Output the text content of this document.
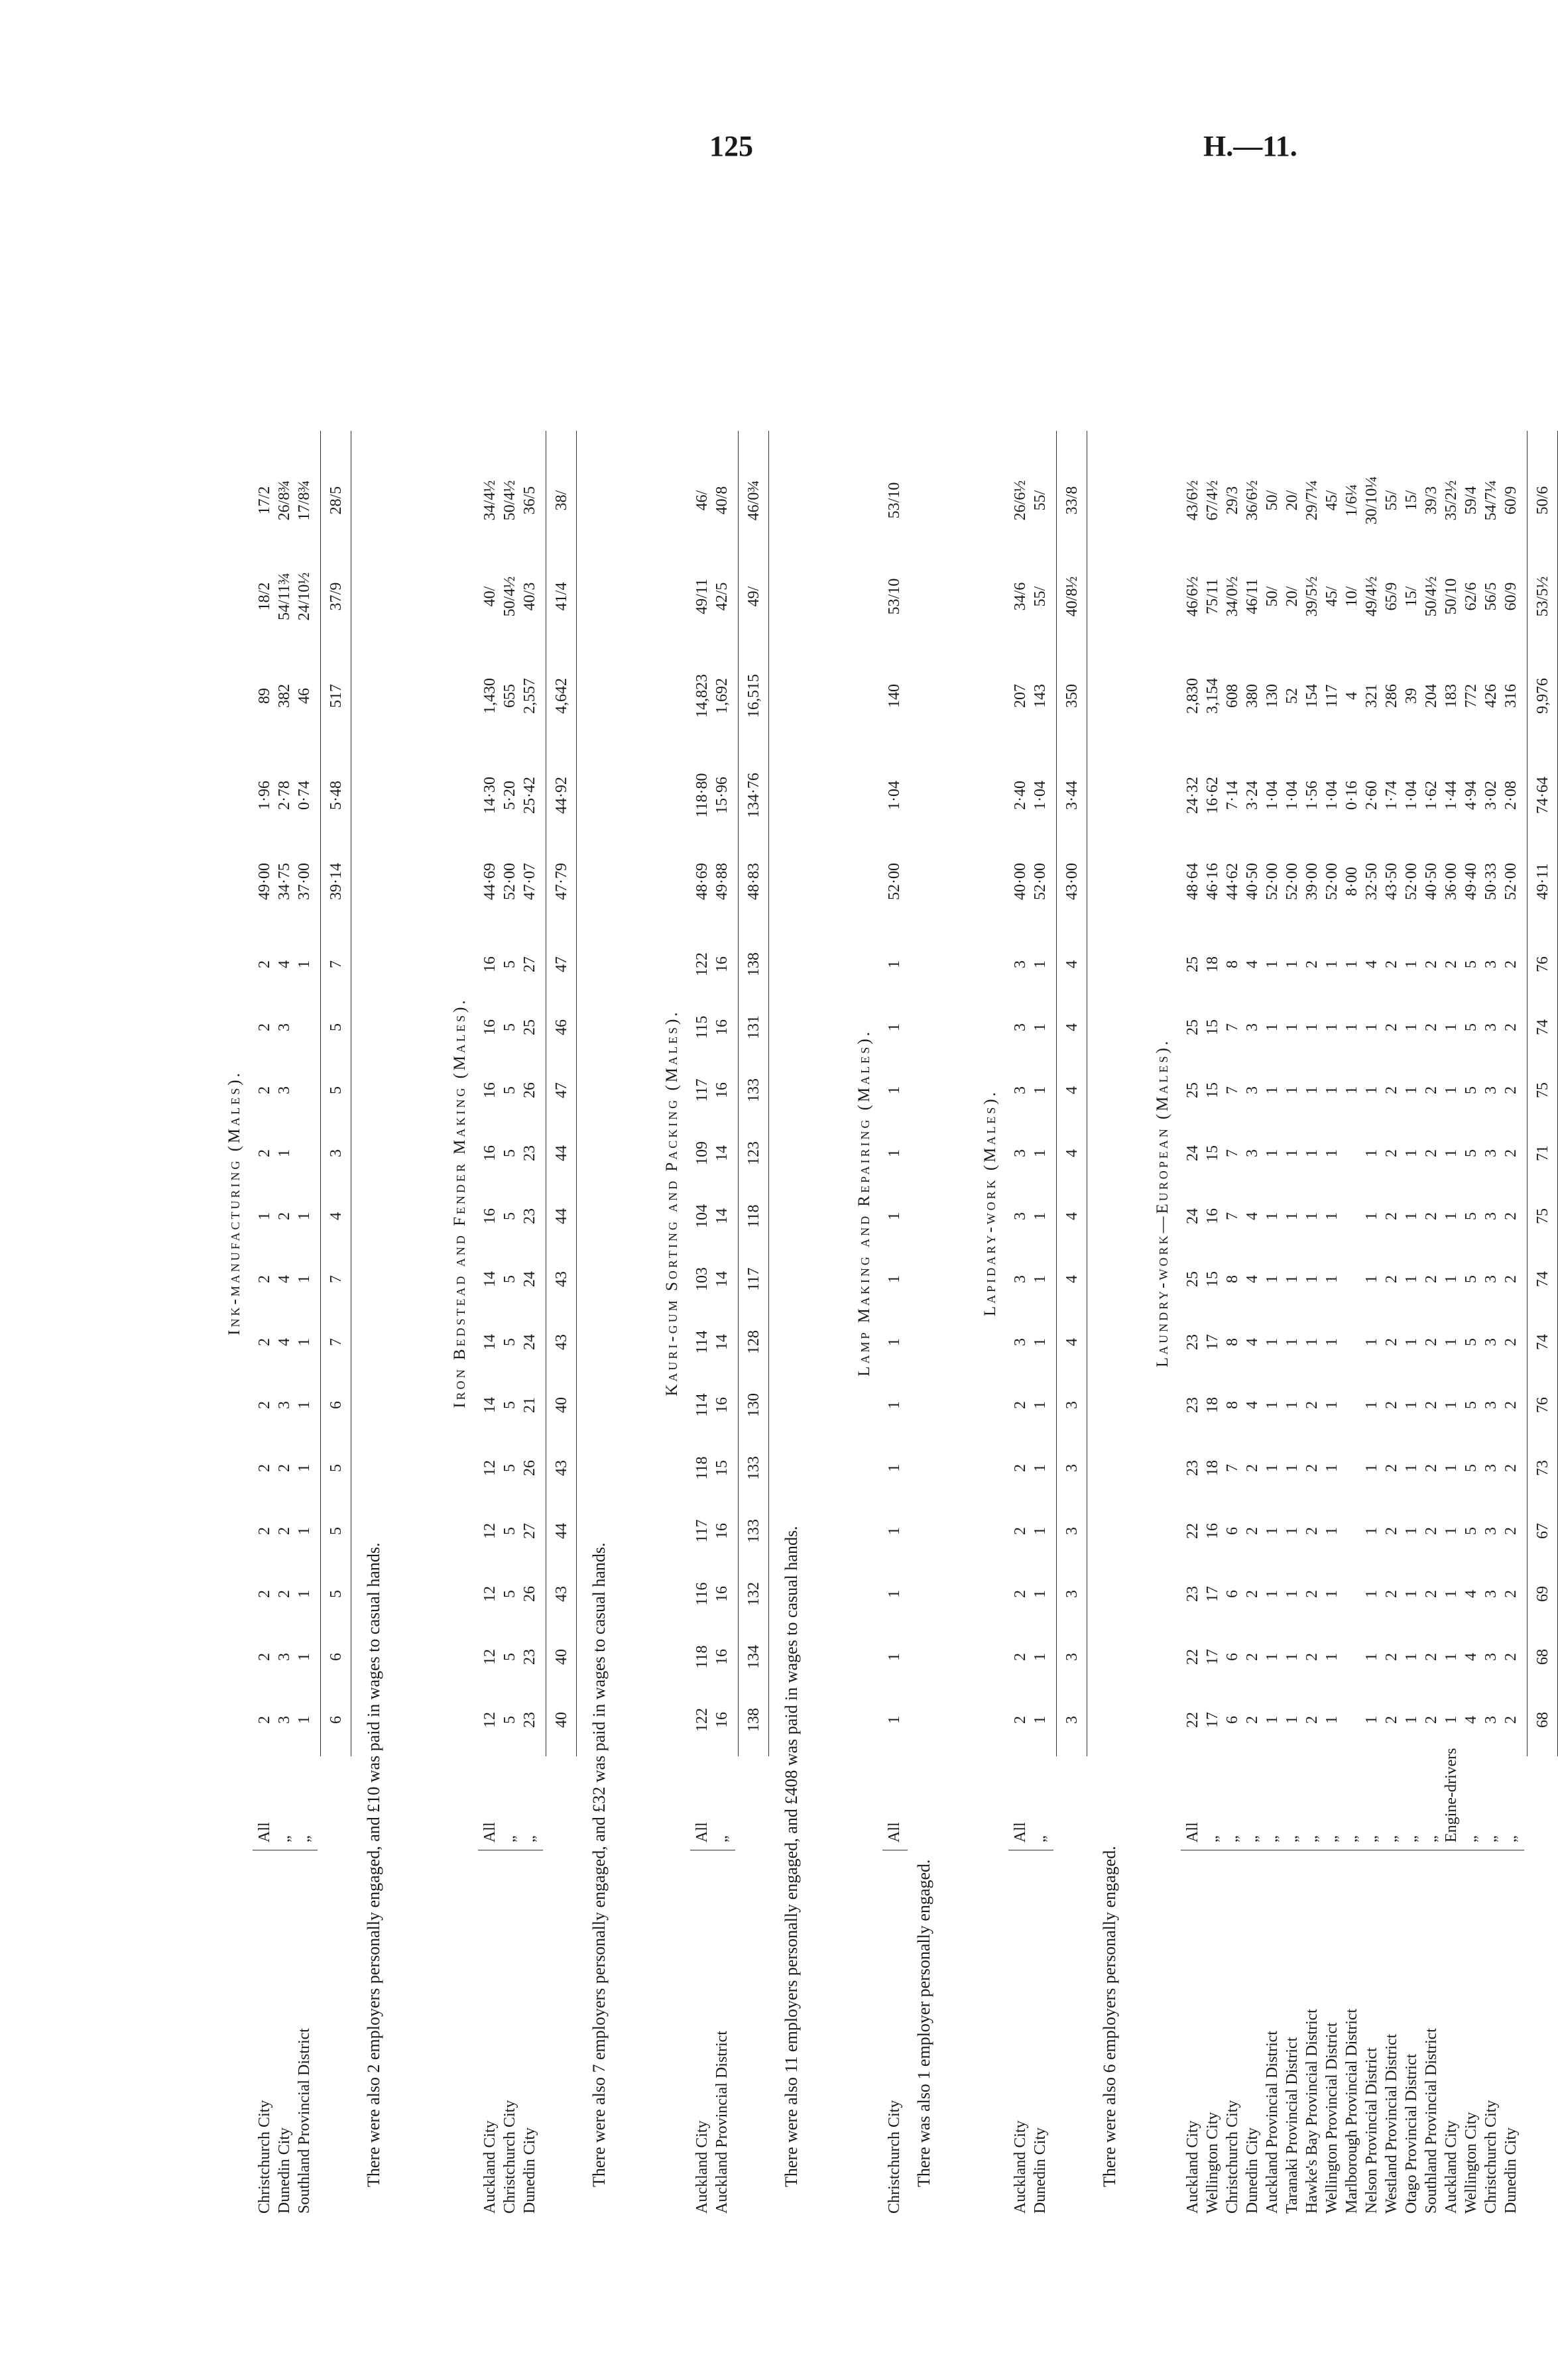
125	H.—11.
Ink-manufacturing (Males).
Christchurch City
All
2
2
2
2
2
2
2
2
1
2
2
2
2
49·00
1·96
89
18/2
17/2
Dunedin City
„
3
3
2
2
2
3
4
4
2
1
3
3
4
34·75
2·78
382
54/11¾
26/8¾
Southland Provincial District
„
1
1
1
1
1
1
1
1
1
1
37·00
0·74
46
24/10½
17/8¾
6
6
5
5
5
6
7
7
4
3
5
5
7
39·14
5·48
517
37/9
28/5
There were also 2 employers personally engaged, and £10 was paid in wages to casual hands.
Iron Bedstead and Fender Making (Males).
Auckland City
All
12
12
12
12
12
14
14
14
16
16
16
16
16
44·69
14·30
1,430
40/
34/4½
Christchurch City
„
5
5
5
5
5
5
5
5
5
5
5
5
5
52·00
5·20
655
50/4½
50/4½
Dunedin City
„
23
23
26
27
26
21
24
24
23
23
26
25
27
47·07
25·42
2,557
40/3
36/5
40
40
43
44
43
40
43
43
44
44
47
46
47
47·79
44·92
4,642
41/4
38/
There were also 7 employers personally engaged, and £32 was paid in wages to casual hands.
Kauri-gum Sorting and Packing (Males).
Auckland City
All
122
118
116
117
118
114
114
103
104
109
117
115
122
48·69
118·80
14,823
49/11
46/
Auckland Provincial District
„
16
16
16
16
15
16
14
14
14
14
16
16
16
49·88
15·96
1,692
42/5
40/8
138
134
132
133
133
130
128
117
118
123
133
131
138
48·83
134·76
16,515
49/
46/0¾
There were also 11 employers personally engaged, and £408 was paid in wages to casual hands.
Lamp Making and Repairing (Males).
Christchurch City
All
1
1
1
1
1
1
1
1
1
1
1
1
1
52·00
1·04
140
53/10
53/10
There was also 1 employer personally engaged.
Lapidary-work (Males).
Auckland City
All
2
2
2
2
2
2
3
3
3
3
3
3
3
40·00
2·40
207
34/6
26/6½
Dunedin City
„
1
1
1
1
1
1
1
1
1
1
1
1
1
52·00
1·04
143
55/
55/
3
3
3
3
3
3
4
4
4
4
4
4
4
43·00
3·44
350
40/8½
33/8
There were also 6 employers personally engaged.
Laundry-work—European (Males).
Auckland City
All
22
22
23
22
23
23
23
25
24
24
25
25
25
48·64
24·32
2,830
46/6½
43/6½
Wellington City
„
17
17
17
16
18
18
17
15
16
15
15
15
18
46·16
16·62
3,154
75/11
67/4½
Christchurch City
„
6
6
6
6
7
8
8
8
7
7
7
7
8
44·62
7·14
608
34/0½
29/3
Dunedin City
„
2
2
2
2
2
4
4
4
4
3
3
3
4
40·50
3·24
380
46/11
36/6½
Auckland Provincial District
„
1
1
1
1
1
1
1
1
1
1
1
1
1
52·00
1·04
130
50/
50/
Taranaki Provincial District
„
1
1
1
1
1
1
1
1
1
1
1
1
1
52·00
1·04
52
20/
20/
Hawke's Bay Provincial District
„
2
2
2
2
2
2
1
1
1
1
1
1
2
39·00
1·56
154
39/5½
29/7¼
Wellington Provincial District
„
1
1
1
1
1
1
1
1
1
1
1
1
1
52·00
1·04
117
45/
45/
Marlborough Provincial District
„
1
1
1
8·00
0·16
4
10/
1/6¼
Nelson Provincial District
„
1
1
1
1
1
1
1
1
1
1
1
1
4
32·50
2·60
321
49/4½
30/10¼
Westland Provincial District
„
2
2
2
2
2
2
2
2
2
2
2
2
2
43·50
1·74
286
65/9
55/
Otago Provincial District
„
1
1
1
1
1
1
1
1
1
1
1
1
1
52·00
1·04
39
15/
15/
Southland Provincial District
„
2
2
2
2
2
2
2
2
2
2
2
2
2
40·50
1·62
204
50/4½
39/3
Auckland City
Engine-drivers
1
1
1
1
1
1
1
1
1
1
1
1
2
36·00
1·44
183
50/10
35/2½
Wellington City
„
4
4
4
5
5
5
5
5
5
5
5
5
5
49·40
4·94
772
62/6
59/4
Christchurch City
„
3
3
3
3
3
3
3
3
3
3
3
3
3
50·33
3·02
426
56/5
54/7¼
Dunedin City
„
2
2
2
2
2
2
2
2
2
2
2
2
2
52·00
2·08
316
60/9
60/9
68
68
69
67
73
76
74
74
75
71
75
74
76
49·11
74·64
9,976
53/5½
50/6
